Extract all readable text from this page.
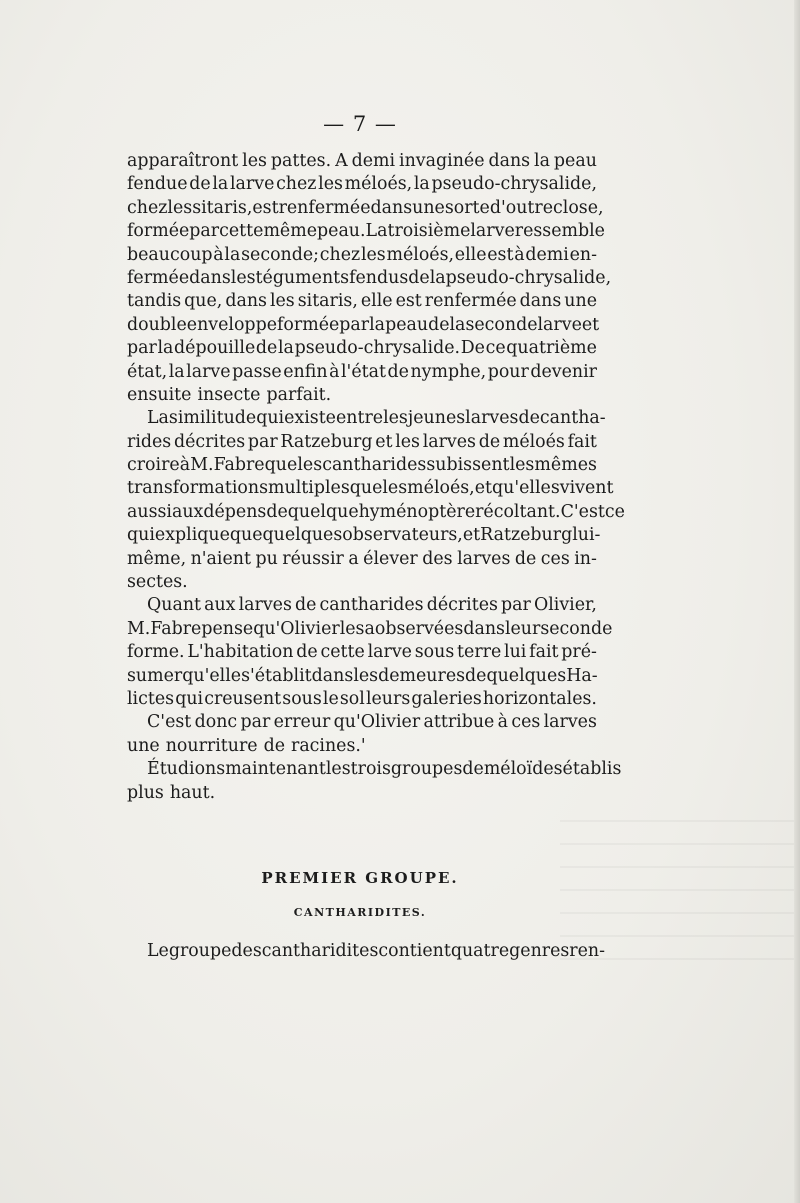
— 7 —
apparaîtront les pattes. A demi invaginée dans la peau
fendue de la larve chez les méloés, la pseudo-chrysalide,
chez les sitaris, est renfermée dans une sorte d'outre close,
formée par cette même peau. La troisième larve ressemble
beaucoup à la seconde; chez les méloés, elle est à demi en-
fermée dans les téguments fendus de la pseudo-chrysalide,
tandis que, dans les sitaris, elle est renfermée dans une
double enveloppe formée par la peau de la seconde larve et
par la dépouille de la pseudo-chrysalide. De ce quatrième
état, la larve passe enfin à l'état de nymphe, pour devenir
ensuite insecte parfait.
La similitude qui existe entre les jeunes larves de cantha-
rides décrites par Ratzeburg et les larves de méloés fait
croire à M. Fabre que les cantharides subissent les mêmes
transformations multiples que les méloés, et qu'elles vivent
aussi aux dépens de quelque hyménoptère récoltant. C'est ce
qui explique que quelques observateurs, et Ratzeburg lui-
même, n'aient pu réussir a élever des larves de ces in-
sectes.
Quant aux larves de cantharides décrites par Olivier,
M. Fabre pense qu'Olivier les a observées dans leur seconde
forme. L'habitation de cette larve sous terre lui fait pré-
sumer qu'elle s'établit dans les demeures de quelques Ha-
lictes qui creusent sous le sol leurs galeries horizontales.
C'est donc par erreur qu'Olivier attribue à ces larves
une nourriture de racines.'
Étudions maintenant les trois groupes de méloïdes établis
plus haut.
PREMIER GROUPE.
CANTHARIDITES.
Le groupe des cantharidites contient quatre genres ren-
